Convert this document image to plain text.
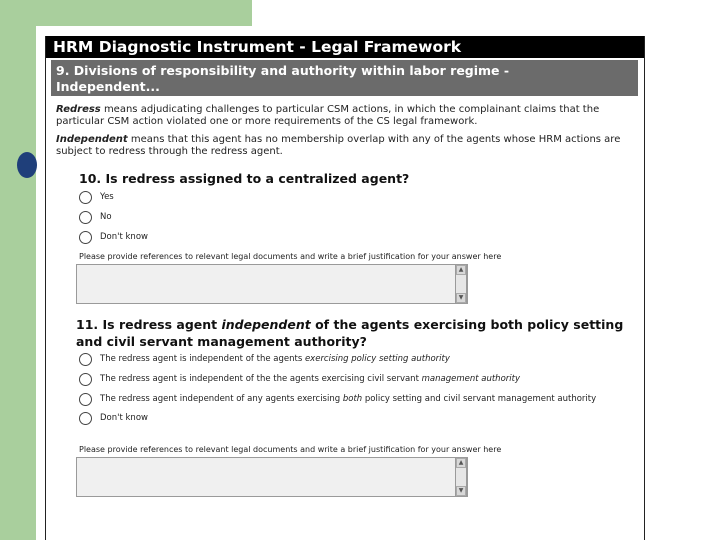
HRM Diagnostic Instrument - Legal Framework
9. Divisions of responsibility and authority within labor regime -
Independent...

Redress means adjudicating challenges to particular CSM actions, in which the complainant claims that the particular CSM action violated one or more requirements of the CS legal framework.

Independent means that this agent has no membership overlap with any of the agents whose HRM actions are subject to redress through the redress agent.

10. Is redress assigned to a centralized agent?
Yes
No
Don't know
Please provide references to relevant legal documents and write a brief justification for your answer here
▲
▼
11. Is redress agent independent of the agents exercising both policy setting and civil servant management authority?
The redress agent is independent of the agents exercising policy setting authority
The redress agent is independent of the the agents exercising civil servant management authority
The redress agent independent of any agents exercising both policy setting and civil servant management authority
Don't know
Please provide references to relevant legal documents and write a brief justification for your answer here
▲
▼
